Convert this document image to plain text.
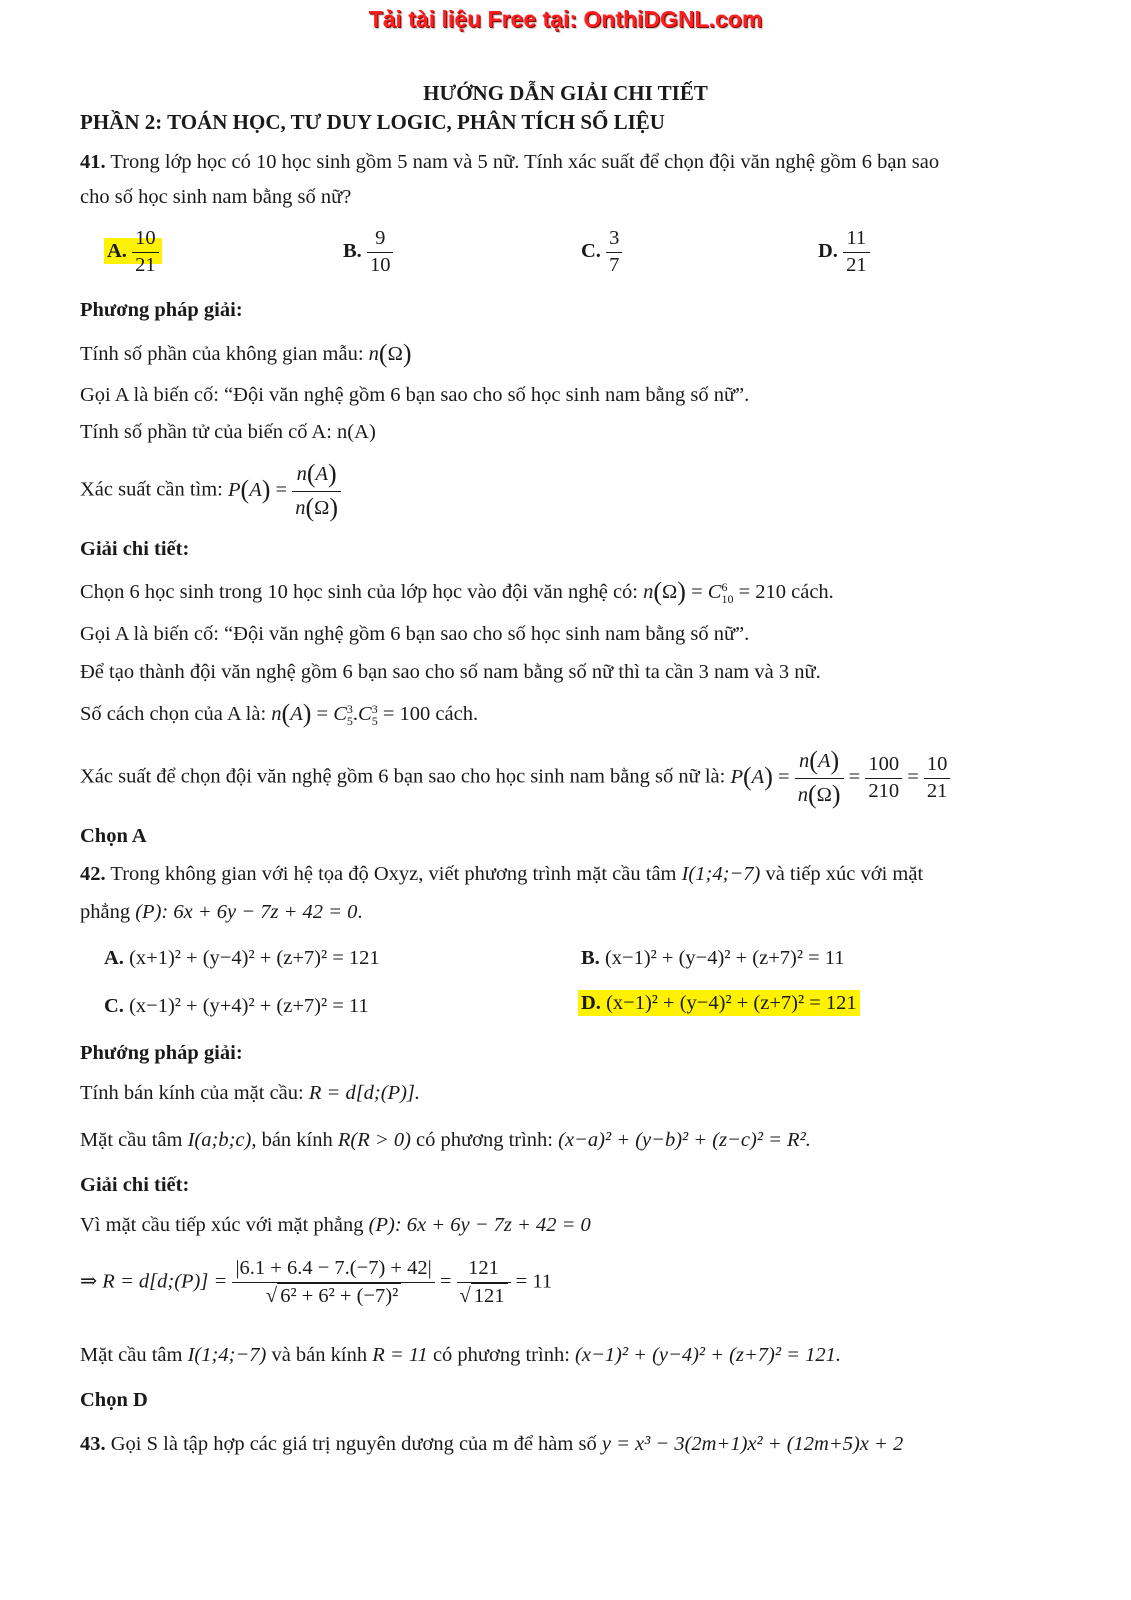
Tải tài liệu Free tại: OnthiDGNL.com
HƯỚNG DẪN GIẢI CHI TIẾT
PHẦN 2: TOÁN HỌC, TƯ DUY LOGIC, PHÂN TÍCH SỐ LIỆU
41. Trong lớp học có 10 học sinh gồm 5 nam và 5 nữ. Tính xác suất để chọn đội văn nghệ gồm 6 bạn sao
cho số học sinh nam bằng số nữ?
A. $\frac{10}{21}$	B. $\frac{9}{10}$	C. $\frac{3}{7}$	D. $\frac{11}{21}$
Phương pháp giải:
Tính số phần của không gian mẫu: n(Ω)
Gọi A là biến cố: “Đội văn nghệ gồm 6 bạn sao cho số học sinh nam bằng số nữ”.
Tính số phần tử của biến cố A: n(A)
Xác suất cần tìm: $P(A) = \frac{n(A)}{n(\Omega)}$
Giải chi tiết:
Chọn 6 học sinh trong 10 học sinh của lớp học vào đội văn nghệ có: n(Ω) = C 6
10 = 210 cách.
Gọi A là biến cố: “Đội văn nghệ gồm 6 bạn sao cho số học sinh nam bằng số nữ”.
Để tạo thành đội văn nghệ gồm 6 bạn sao cho số nam bằng số nữ thì ta cần 3 nam và 3 nữ.
Số cách chọn của A là: n(A) = C 3
5 .C 3
5 = 100 cách.
Xác suất để chọn đội văn nghệ gồm 6 bạn sao cho học sinh nam bằng số nữ là: $P(A) = \frac{n(A)}{n(\Omega)} = \frac{100}{210} = \frac{10}{21}$
Chọn A
42. Trong không gian với hệ tọa độ Oxyz, viết phương trình mặt cầu tâm I(1;4;−7) và tiếp xúc với mặt
phẳng (P): 6x + 6y − 7z + 42 = 0.
A. (x+1)² + (y−4)² + (z+7)² = 121	B. (x−1)² + (y−4)² + (z+7)² = 11
C. (x−1)² + (y+4)² + (z+7)² = 11	D. (x−1)² + (y−4)² + (z+7)² = 121
Phướng pháp giải:
Tính bán kính của mặt cầu: R = d[d;(P)].
Mặt cầu tâm I(a;b;c), bán kính R(R > 0) có phương trình: (x−a)² + (y−b)² + (z−c)² = R².
Giải chi tiết:
Vì mặt cầu tiếp xúc với mặt phẳng (P): 6x + 6y − 7z + 42 = 0
⇒ R = d[d;(P)] = $\frac{|6.1 + 6.4 - 7.(-7) + 42|}{\text{√ 6² + 6² + (−7)²}} = \frac{121}{√ 121} = 11$
Mặt cầu tâm I(1;4;−7) và bán kính R = 11 có phương trình: (x−1)² + (y−4)² + (z+7)² = 121.
Chọn D
43. Gọi S là tập hợp các giá trị nguyên dương của m để hàm số y = x³ − 3(2m+1)x² + (12m+5)x + 2
